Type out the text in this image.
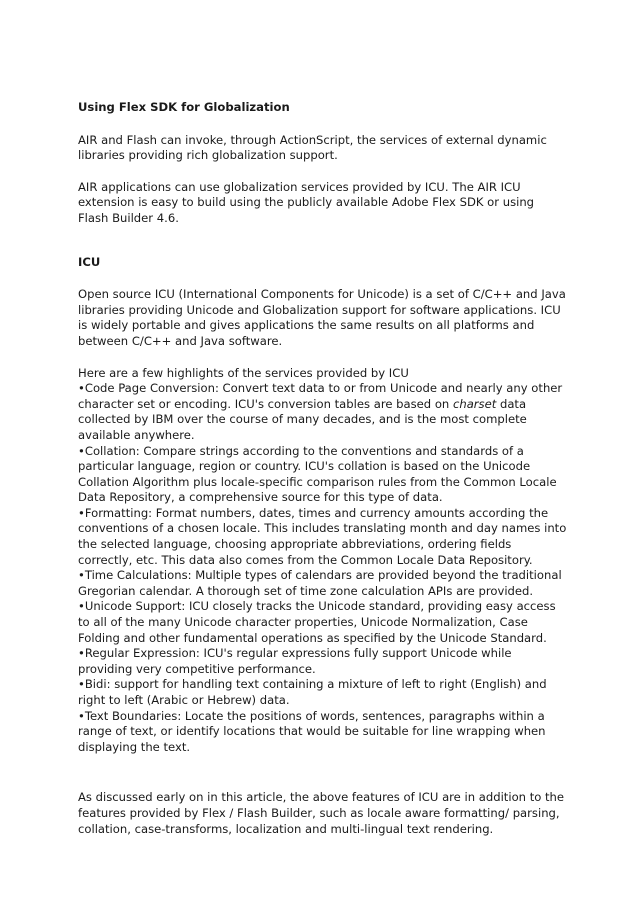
Using Flex SDK for Globalization

AIR and Flash can invoke, through ActionScript, the services of external dynamic libraries providing rich globalization support.

AIR applications can use globalization services provided by ICU. The AIR ICU extension is easy to build using the publicly available Adobe Flex SDK or using Flash Builder 4.6.

ICU

Open source ICU (International Components for Unicode) is a set of C/C++ and Java libraries providing Unicode and Globalization support for software applications. ICU is widely portable and gives applications the same results on all platforms and between C/C++ and Java software.

Here are a few highlights of the services provided by ICU

•Code Page Conversion: Convert text data to or from Unicode and nearly any other character set or encoding. ICU's conversion tables are based on charset data collected by IBM over the course of many decades, and is the most complete available anywhere.
•Collation: Compare strings according to the conventions and standards of a particular language, region or country. ICU's collation is based on the Unicode Collation Algorithm plus locale-specific comparison rules from the Common Locale Data Repository, a comprehensive source for this type of data.
•Formatting: Format numbers, dates, times and currency amounts according the conventions of a chosen locale. This includes translating month and day names into the selected language, choosing appropriate abbreviations, ordering fields correctly, etc. This data also comes from the Common Locale Data Repository.
•Time Calculations: Multiple types of calendars are provided beyond the traditional Gregorian calendar. A thorough set of time zone calculation APIs are provided.
•Unicode Support: ICU closely tracks the Unicode standard, providing easy access to all of the many Unicode character properties, Unicode Normalization, Case Folding and other fundamental operations as specified by the Unicode Standard.
•Regular Expression: ICU's regular expressions fully support Unicode while providing very competitive performance.
•Bidi: support for handling text containing a mixture of left to right (English) and right to left (Arabic or Hebrew) data.
•Text Boundaries: Locate the positions of words, sentences, paragraphs within a range of text, or identify locations that would be suitable for line wrapping when displaying the text.

As discussed early on in this article, the above features of ICU are in addition to the features provided by Flex / Flash Builder, such as locale aware formatting/ parsing, collation, case-transforms, localization and multi-lingual text rendering.
